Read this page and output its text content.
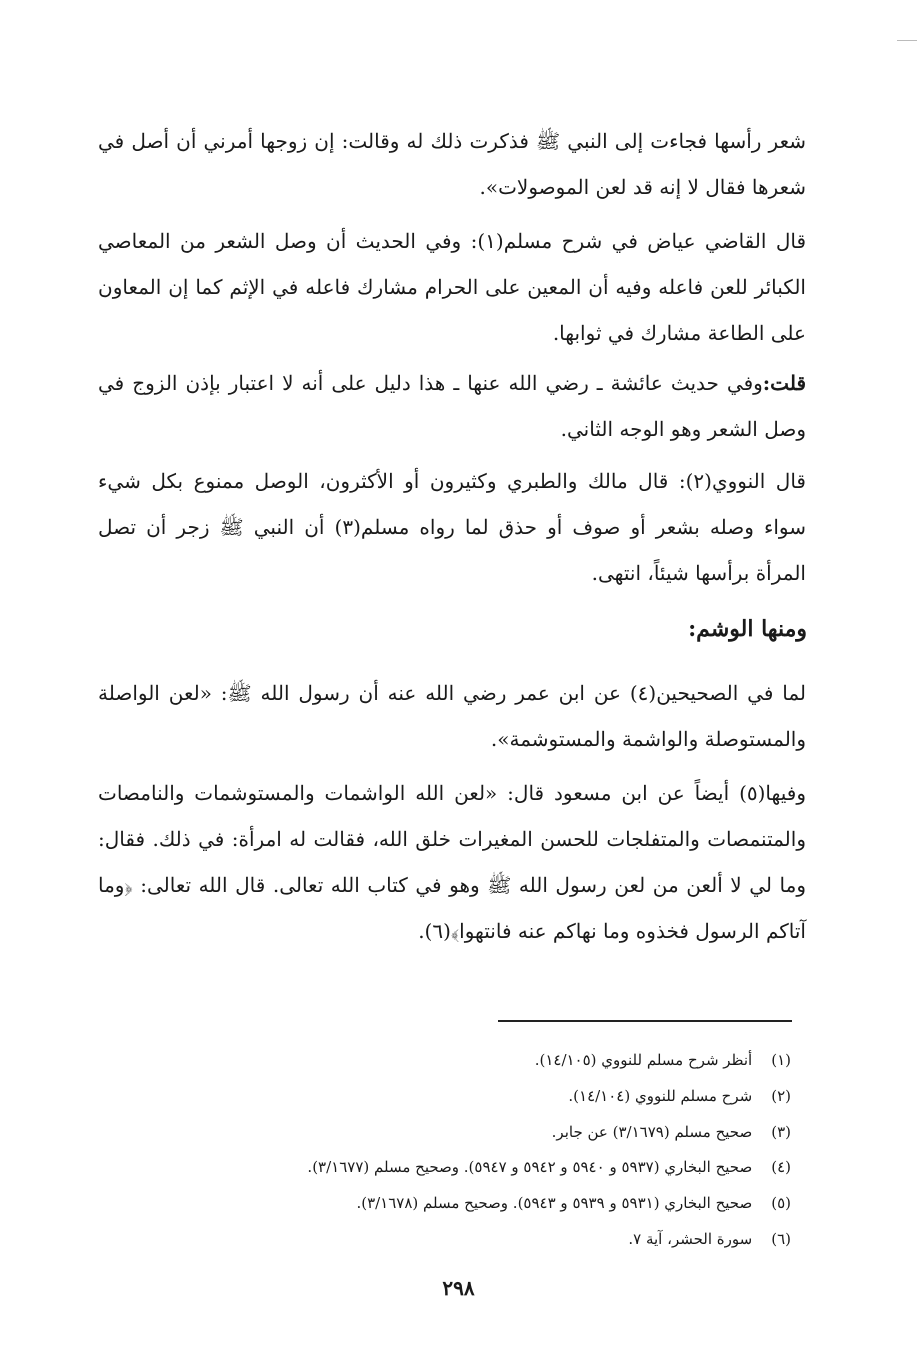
شعر رأسها فجاءت إلى النبي ﷺ فذكرت ذلك له وقالت: إن زوجها أمرني أن أصل في شعرها فقال لا إنه قد لعن الموصولات».

قال القاضي عياض في شرح مسلم(١): وفي الحديث أن وصل الشعر من المعاصي الكبائر للعن فاعله وفيه أن المعين على الحرام مشارك فاعله في الإثم كما إن المعاون على الطاعة مشارك في ثوابها.

قلت:وفي حديث عائشة ـ رضي الله عنها ـ هذا دليل على أنه لا اعتبار بإذن الزوج في وصل الشعر وهو الوجه الثاني.

قال النووي(٢): قال مالك والطبري وكثيرون أو الأكثرون، الوصل ممنوع بكل شيء سواء وصله بشعر أو صوف أو حذق لما رواه مسلم(٣) أن النبي ﷺ زجر أن تصل المرأة برأسها شيئاً، انتهى.

ومنها الوشم:

لما في الصحيحين(٤) عن ابن عمر رضي الله عنه أن رسول الله ﷺ: «لعن الواصلة والمستوصلة والواشمة والمستوشمة».

وفيها(٥) أيضاً عن ابن مسعود قال: «لعن الله الواشمات والمستوشمات والنامصات والمتنمصات والمتفلجات للحسن المغيرات خلق الله، فقالت له امرأة: في ذلك. فقال: وما لي لا ألعن من لعن رسول الله ﷺ وهو في كتاب الله تعالى. قال الله تعالى: ﴿وما آتاكم الرسول فخذوه وما نهاكم عنه فانتهوا﴾(٦).

(١) أنظر شرح مسلم للنووي (١٤/١٠٥).
(٢) شرح مسلم للنووي (١٤/١٠٤).
(٣) صحيح مسلم (٣/١٦٧٩) عن جابر.
(٤) صحيح البخاري (٥٩٣٧ و ٥٩٤٠ و ٥٩٤٢ و ٥٩٤٧). وصحيح مسلم (٣/١٦٧٧).
(٥) صحيح البخاري (٥٩٣١ و ٥٩٣٩ و ٥٩٤٣). وصحيح مسلم (٣/١٦٧٨).
(٦) سورة الحشر، آية ٧.
٢٩٨
